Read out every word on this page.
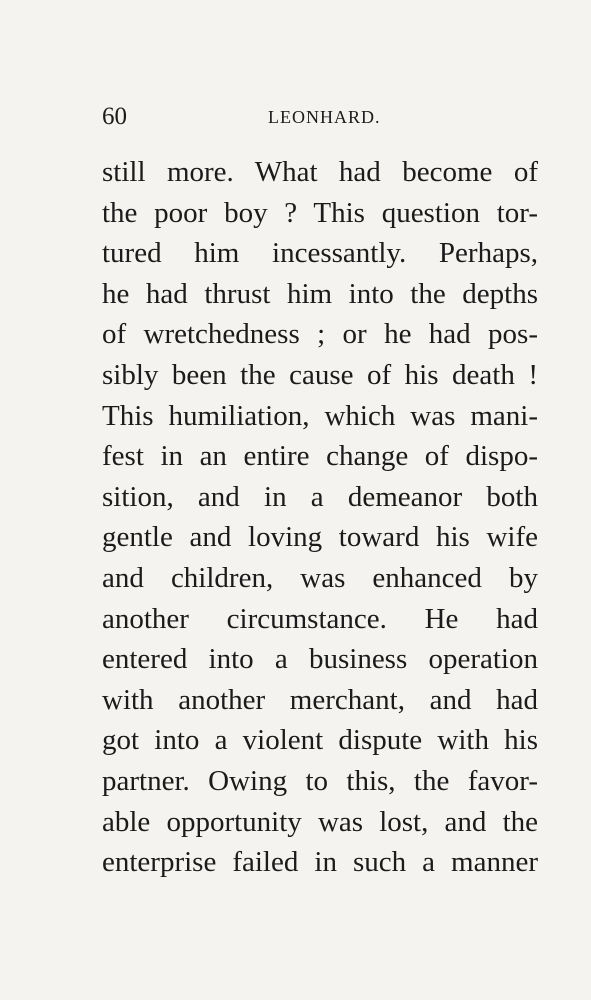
60	LEONHARD.
still more. What had become of
the poor boy ? This question tor-
tured him incessantly. Perhaps,
he had thrust him into the depths
of wretchedness ; or he had pos-
sibly been the cause of his death !
This humiliation, which was mani-
fest in an entire change of dispo-
sition, and in a demeanor both
gentle and loving toward his wife
and children, was enhanced by
another circumstance. He had
entered into a business operation
with another merchant, and had
got into a violent dispute with his
partner. Owing to this, the favor-
able opportunity was lost, and the
enterprise failed in such a manner
